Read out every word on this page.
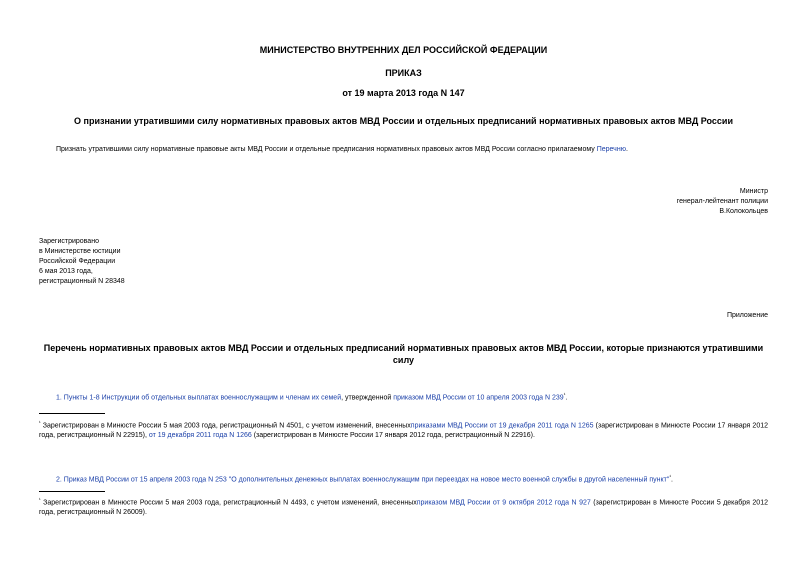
МИНИСТЕРСТВО ВНУТРЕННИХ ДЕЛ РОССИЙСКОЙ ФЕДЕРАЦИИ
ПРИКАЗ
от 19 марта 2013 года N 147
О признании утратившими силу нормативных правовых актов МВД России и отдельных предписаний нормативных правовых актов МВД России
Признать утратившими силу нормативные правовые акты МВД России и отдельные предписания нормативных правовых актов МВД России согласно прилагаемому Перечню.
Министр
генерал-лейтенант полиции
В.Колокольцев
Зарегистрировано
в Министерстве юстиции
Российской Федерации
6 мая 2013 года,
регистрационный N 28348
Приложение
Перечень нормативных правовых актов МВД России и отдельных предписаний нормативных правовых актов МВД России, которые признаются утратившими силу
1. Пункты 1-8 Инструкции об отдельных выплатах военнослужащим и членам их семей, утвержденной приказом МВД России от 10 апреля 2003 года N $239^{^1}$.
$^{^1}$ Зарегистрирован в Минюсте России 5 мая 2003 года, регистрационный N 4501, с учетом изменений, внесенныхприказами МВД России от 19 декабря 2011 года N 1265 (зарегистрирован в Минюсте России 17 января 2012 года, регистрационный N 22915), от 19 декабря 2011 года N 1266 (зарегистрирован в Минюсте России 17 января 2012 года, регистрационный N 22916).
2. Приказ МВД России от 15 апреля 2003 года N 253 "О дополнительных денежных выплатах военнослужащим при переездах на новое место военной службы в другой населенный пункт"$^{^1}$.
$^{^1}$ Зарегистрирован в Минюсте России 5 мая 2003 года, регистрационный N 4493, с учетом изменений, внесенныхприказом МВД России от 9 октября 2012 года N 927 (зарегистрирован в Минюсте России 5 декабря 2012 года, регистрационный N 26009).
